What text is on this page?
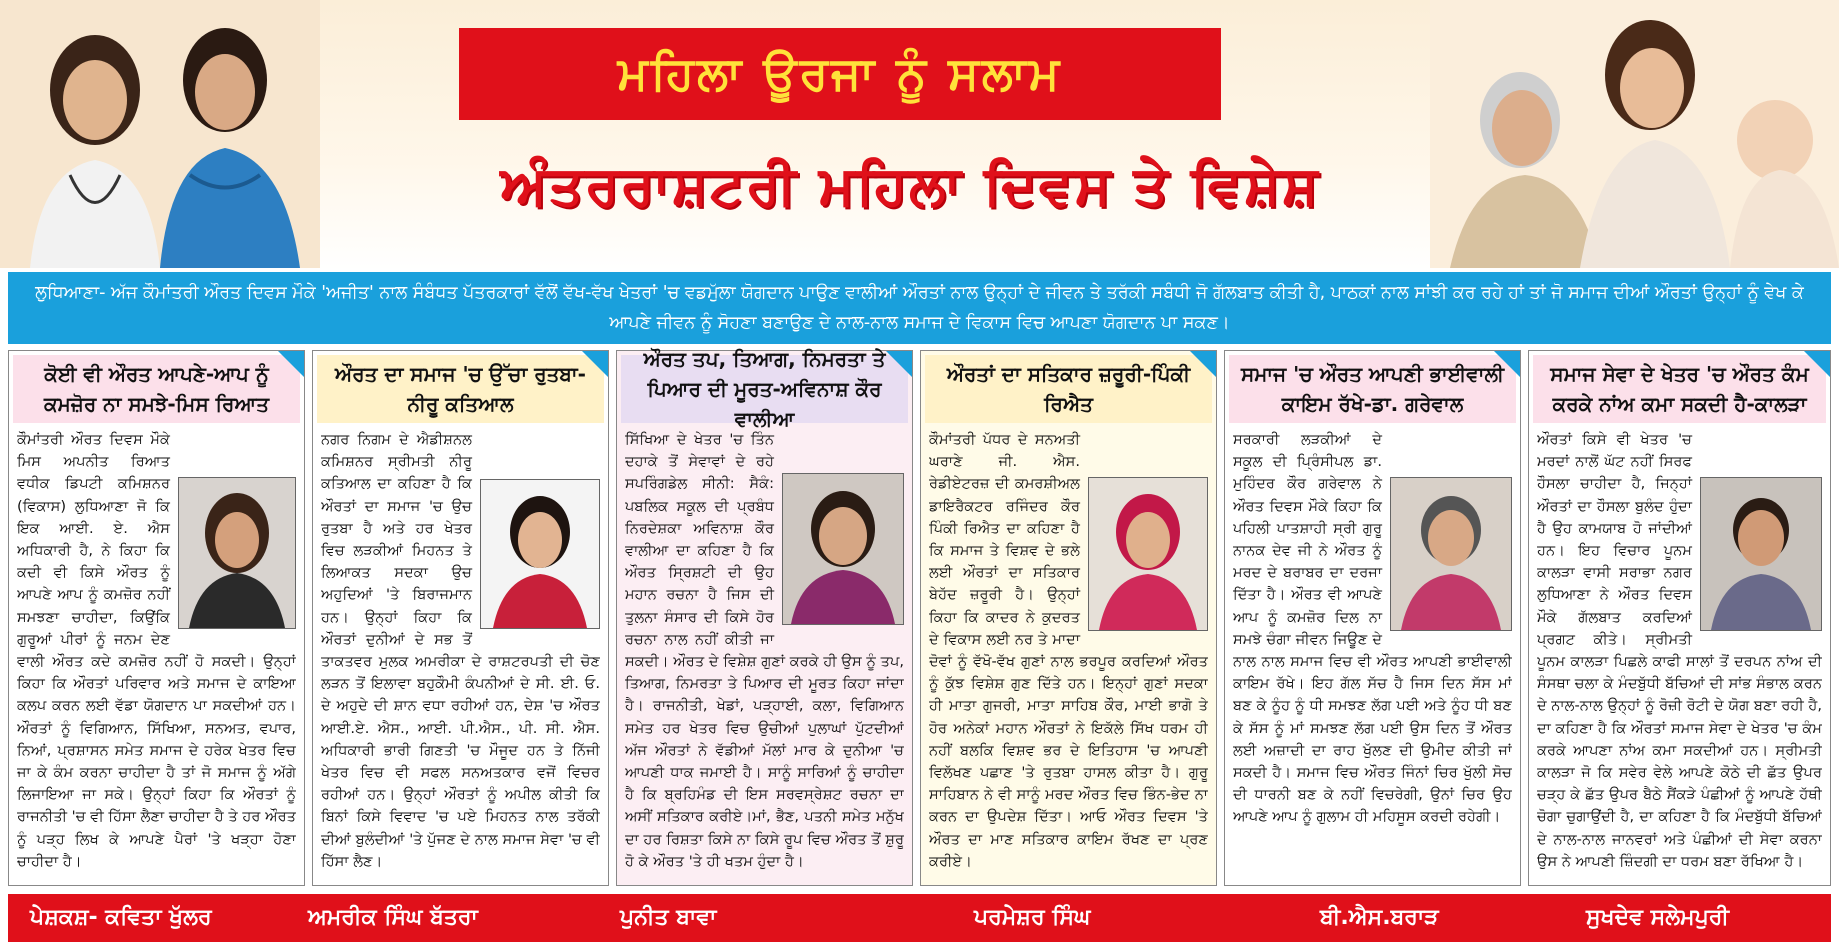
ਮਹਿਲਾ ਊਰਜਾ ਨੂੰ ਸਲਾਮ
ਅੰਤਰਰਾਸ਼ਟਰੀ ਮਹਿਲਾ ਦਿਵਸ ਤੇ ਵਿਸ਼ੇਸ਼
ਲੁਧਿਆਣਾ- ਅੱਜ ਕੌਮਾਂਤਰੀ ਔਰਤ ਦਿਵਸ ਮੌਕੇ 'ਅਜੀਤ' ਨਾਲ ਸੰਬੰਧਤ ਪੱਤਰਕਾਰਾਂ ਵੱਲੋਂ ਵੱਖ-ਵੱਖ ਖੇਤਰਾਂ 'ਚ ਵਡਮੁੱਲਾ ਯੋਗਦਾਨ ਪਾਉਣ ਵਾਲੀਆਂ ਔਰਤਾਂ ਨਾਲ ਉਨ੍ਹਾਂ ਦੇ ਜੀਵਨ ਤੇ ਤਰੱਕੀ ਸਬੰਧੀ ਜੋ ਗੱਲਬਾਤ ਕੀਤੀ ਹੈ, ਪਾਠਕਾਂ ਨਾਲ ਸਾਂਝੀ ਕਰ ਰਹੇ ਹਾਂ ਤਾਂ ਜੋ ਸਮਾਜ ਦੀਆਂ ਔਰਤਾਂ ਉਨ੍ਹਾਂ ਨੂੰ ਵੇਖ ਕੇ ਆਪਣੇ ਜੀਵਨ ਨੂੰ ਸੋਹਣਾ ਬਣਾਉਣ ਦੇ ਨਾਲ-ਨਾਲ ਸਮਾਜ ਦੇ ਵਿਕਾਸ ਵਿਚ ਆਪਣਾ ਯੋਗਦਾਨ ਪਾ ਸਕਣ।
ਕੋਈ ਵੀ ਔਰਤ ਆਪਣੇ-ਆਪ ਨੂੰ ਕਮਜ਼ੋਰ ਨਾ ਸਮਝੇ-ਮਿਸ ਰਿਆਤ
ਕੌਮਾਂਤਰੀ ਔਰਤ ਦਿਵਸ ਮੌਕੇ ਮਿਸ ਅਪਨੀਤ ਰਿਆਤ ਵਧੀਕ ਡਿਪਟੀ ਕਮਿਸ਼ਨਰ (ਵਿਕਾਸ) ਲੁਧਿਆਣਾ ਜੋ ਕਿ ਇਕ ਆਈ. ਏ. ਐਸ ਅਧਿਕਾਰੀ ਹੈ, ਨੇ ਕਿਹਾ ਕਿ ਕਦੀ ਵੀ ਕਿਸੇ ਔਰਤ ਨੂੰ ਆਪਣੇ ਆਪ ਨੂੰ ਕਮਜ਼ੋਰ ਨਹੀਂ ਸਮਝਣਾ ਚਾਹੀਦਾ, ਕਿਉਂਕਿ ਗੁਰੂਆਂ ਪੀਰਾਂ ਨੂੰ ਜਨਮ ਦੇਣ ਵਾਲੀ ਔਰਤ ਕਦੇ ਕਮਜ਼ੋਰ ਨਹੀਂ ਹੋ ਸਕਦੀ। ਉਨ੍ਹਾਂ ਕਿਹਾ ਕਿ ਔਰਤਾਂ ਪਰਿਵਾਰ ਅਤੇ ਸਮਾਜ ਦੇ ਕਾਇਆ ਕਲਪ ਕਰਨ ਲਈ ਵੱਡਾ ਯੋਗਦਾਨ ਪਾ ਸਕਦੀਆਂ ਹਨ। ਔਰਤਾਂ ਨੂੰ ਵਿਗਿਆਨ, ਸਿੱਖਿਆ, ਸਨਅਤ, ਵਪਾਰ, ਨਿਆਂ, ਪ੍ਰਸ਼ਾਸਨ ਸਮੇਤ ਸਮਾਜ ਦੇ ਹਰੇਕ ਖੇਤਰ ਵਿਚ ਜਾ ਕੇ ਕੰਮ ਕਰਨਾ ਚਾਹੀਦਾ ਹੈ ਤਾਂ ਜੋ ਸਮਾਜ ਨੂੰ ਅੱਗੇ ਲਿਜਾਇਆ ਜਾ ਸਕੇ। ਉਨ੍ਹਾਂ ਕਿਹਾ ਕਿ ਔਰਤਾਂ ਨੂੰ ਰਾਜਨੀਤੀ 'ਚ ਵੀ ਹਿੱਸਾ ਲੈਣਾ ਚਾਹੀਦਾ ਹੈ ਤੇ ਹਰ ਔਰਤ ਨੂੰ ਪੜ੍ਹ ਲਿਖ ਕੇ ਆਪਣੇ ਪੈਰਾਂ 'ਤੇ ਖੜ੍ਹਾ ਹੋਣਾ ਚਾਹੀਦਾ ਹੈ।
ਔਰਤ ਦਾ ਸਮਾਜ 'ਚ ਉੱਚਾ ਰੁਤਬਾ-ਨੀਰੂ ਕਤਿਆਲ
ਨਗਰ ਨਿਗਮ ਦੇ ਐਡੀਸ਼ਨਲ ਕਮਿਸ਼ਨਰ ਸ੍ਰੀਮਤੀ ਨੀਰੂ ਕਤਿਆਲ ਦਾ ਕਹਿਣਾ ਹੈ ਕਿ ਔਰਤਾਂ ਦਾ ਸਮਾਜ 'ਚ ਉਚ ਰੁਤਬਾ ਹੈ ਅਤੇ ਹਰ ਖੇਤਰ ਵਿਚ ਲੜਕੀਆਂ ਮਿਹਨਤ ਤੇ ਲਿਆਕਤ ਸਦਕਾ ਉਚ ਅਹੁਦਿਆਂ 'ਤੇ ਬਿਰਾਜਮਾਨ ਹਨ। ਉਨ੍ਹਾਂ ਕਿਹਾ ਕਿ ਔਰਤਾਂ ਦੁਨੀਆਂ ਦੇ ਸਭ ਤੋਂ ਤਾਕਤਵਰ ਮੁਲਕ ਅਮਰੀਕਾ ਦੇ ਰਾਸ਼ਟਰਪਤੀ ਦੀ ਚੋਣ ਲੜਨ ਤੋਂ ਇਲਾਵਾ ਬਹੁਕੌਮੀ ਕੰਪਨੀਆਂ ਦੇ ਸੀ. ਈ. ਓ. ਦੇ ਅਹੁਦੇ ਦੀ ਸ਼ਾਨ ਵਧਾ ਰਹੀਆਂ ਹਨ, ਦੇਸ਼ 'ਚ ਔਰਤ ਆਈ.ਏ. ਐਸ., ਆਈ. ਪੀ.ਐਸ., ਪੀ. ਸੀ. ਐਸ. ਅਧਿਕਾਰੀ ਭਾਰੀ ਗਿਣਤੀ 'ਚ ਮੌਜੂਦ ਹਨ ਤੇ ਨਿੱਜੀ ਖੇਤਰ ਵਿਚ ਵੀ ਸਫਲ ਸਨਅਤਕਾਰ ਵਜੋਂ ਵਿਚਰ ਰਹੀਆਂ ਹਨ। ਉਨ੍ਹਾਂ ਔਰਤਾਂ ਨੂੰ ਅਪੀਲ ਕੀਤੀ ਕਿ ਬਿਨਾਂ ਕਿਸੇ ਵਿਵਾਦ 'ਚ ਪਏ ਮਿਹਨਤ ਨਾਲ ਤਰੱਕੀ ਦੀਆਂ ਬੁਲੰਦੀਆਂ 'ਤੇ ਪੁੱਜਣ ਦੇ ਨਾਲ ਸਮਾਜ ਸੇਵਾ 'ਚ ਵੀ ਹਿੱਸਾ ਲੈਣ।
ਔਰਤ ਤਪ, ਤਿਆਗ, ਨਿਮਰਤਾ ਤੇ ਪਿਆਰ ਦੀ ਮੂਰਤ-ਅਵਿਨਾਸ਼ ਕੌਰ ਵਾਲੀਆ
ਸਿੱਖਿਆ ਦੇ ਖੇਤਰ 'ਚ ਤਿੰਨ ਦਹਾਕੇ ਤੋਂ ਸੇਵਾਵਾਂ ਦੇ ਰਹੇ ਸਪਰਿੰਗਡੇਲ ਸੀਨੀ: ਸੈਕੰ: ਪਬਲਿਕ ਸਕੂਲ ਦੀ ਪ੍ਰਬੰਧ ਨਿਰਦੇਸ਼ਕਾ ਅਵਿਨਾਸ਼ ਕੌਰ ਵਾਲੀਆ ਦਾ ਕਹਿਣਾ ਹੈ ਕਿ ਔਰਤ ਸ੍ਰਿਸ਼ਟੀ ਦੀ ਉਹ ਮਹਾਨ ਰਚਨਾ ਹੈ ਜਿਸ ਦੀ ਤੁਲਨਾ ਸੰਸਾਰ ਦੀ ਕਿਸੇ ਹੋਰ ਰਚਨਾ ਨਾਲ ਨਹੀਂ ਕੀਤੀ ਜਾ ਸਕਦੀ। ਔਰਤ ਦੇ ਵਿਸ਼ੇਸ਼ ਗੁਣਾਂ ਕਰਕੇ ਹੀ ਉਸ ਨੂੰ ਤਪ, ਤਿਆਗ, ਨਿਮਰਤਾ ਤੇ ਪਿਆਰ ਦੀ ਮੂਰਤ ਕਿਹਾ ਜਾਂਦਾ ਹੈ। ਰਾਜਨੀਤੀ, ਖੇਡਾਂ, ਪੜ੍ਹਾਈ, ਕਲਾ, ਵਿਗਿਆਨ ਸਮੇਤ ਹਰ ਖੇਤਰ ਵਿਚ ਉਚੀਆਂ ਪੁਲਾਘਾਂ ਪੁੱਟਦੀਆਂ ਅੱਜ ਔਰਤਾਂ ਨੇ ਵੱਡੀਆਂ ਮੱਲਾਂ ਮਾਰ ਕੇ ਦੁਨੀਆ 'ਚ ਆਪਣੀ ਧਾਕ ਜਮਾਈ ਹੈ। ਸਾਨੂੰ ਸਾਰਿਆਂ ਨੂੰ ਚਾਹੀਦਾ ਹੈ ਕਿ ਬ੍ਰਹਿਮੰਡ ਦੀ ਇਸ ਸਰਵਸ੍ਰੇਸ਼ਟ ਰਚਨਾ ਦਾ ਅਸੀਂ ਸਤਿਕਾਰ ਕਰੀਏ।ਮਾਂ, ਭੈਣ, ਪਤਨੀ ਸਮੇਤ ਮਨੁੱਖ ਦਾ ਹਰ ਰਿਸ਼ਤਾ ਕਿਸੇ ਨਾ ਕਿਸੇ ਰੂਪ ਵਿਚ ਔਰਤ ਤੋਂ ਸ਼ੁਰੂ ਹੋ ਕੇ ਔਰਤ 'ਤੇ ਹੀ ਖਤਮ ਹੁੰਦਾ ਹੈ।
ਔਰਤਾਂ ਦਾ ਸਤਿਕਾਰ ਜ਼ਰੂਰੀ-ਪਿੰਕੀ ਰਿਐਤ
ਕੌਮਾਂਤਰੀ ਪੱਧਰ ਦੇ ਸਨਅਤੀ ਘਰਾਣੇ ਜੀ. ਐਸ. ਰੇਡੀਏਟਰਜ਼ ਦੀ ਕਮਰਸ਼ੀਅਲ ਡਾਇਰੈਕਟਰ ਰਜਿੰਦਰ ਕੌਰ ਪਿੰਕੀ ਰਿਐਤ ਦਾ ਕਹਿਣਾ ਹੈ ਕਿ ਸਮਾਜ ਤੇ ਵਿਸ਼ਵ ਦੇ ਭਲੇ ਲਈ ਔਰਤਾਂ ਦਾ ਸਤਿਕਾਰ ਬੇਹੱਦ ਜ਼ਰੂਰੀ ਹੈ। ਉਨ੍ਹਾਂ ਕਿਹਾ ਕਿ ਕਾਦਰ ਨੇ ਕੁਦਰਤ ਦੇ ਵਿਕਾਸ ਲਈ ਨਰ ਤੇ ਮਾਦਾ ਦੋਵਾਂ ਨੂੰ ਵੱਖੋ-ਵੱਖ ਗੁਣਾਂ ਨਾਲ ਭਰਪੂਰ ਕਰਦਿਆਂ ਔਰਤ ਨੂੰ ਕੁੱਝ ਵਿਸ਼ੇਸ਼ ਗੁਣ ਦਿੱਤੇ ਹਨ। ਇਨ੍ਹਾਂ ਗੁਣਾਂ ਸਦਕਾ ਹੀ ਮਾਤਾ ਗੁਜਰੀ, ਮਾਤਾ ਸਾਹਿਬ ਕੌਰ, ਮਾਈ ਭਾਗੋ ਤੇ ਹੋਰ ਅਨੇਕਾਂ ਮਹਾਨ ਔਰਤਾਂ ਨੇ ਇਕੱਲੇ ਸਿੱਖ ਧਰਮ ਹੀ ਨਹੀਂ ਬਲਕਿ ਵਿਸ਼ਵ ਭਰ ਦੇ ਇਤਿਹਾਸ 'ਚ ਆਪਣੀ ਵਿਲੱਖਣ ਪਛਾਣ 'ਤੇ ਰੁਤਬਾ ਹਾਸਲ ਕੀਤਾ ਹੈ। ਗੁਰੂ ਸਾਹਿਬਾਨ ਨੇ ਵੀ ਸਾਨੂੰ ਮਰਦ ਔਰਤ ਵਿਚ ਭਿੰਨ-ਭੇਦ ਨਾ ਕਰਨ ਦਾ ਉਪਦੇਸ਼ ਦਿੱਤਾ। ਆਓ ਔਰਤ ਦਿਵਸ 'ਤੇ ਔਰਤ ਦਾ ਮਾਣ ਸਤਿਕਾਰ ਕਾਇਮ ਰੱਖਣ ਦਾ ਪ੍ਰਣ ਕਰੀਏ।
ਸਮਾਜ 'ਚ ਔਰਤ ਆਪਣੀ ਭਾਈਵਾਲੀ ਕਾਇਮ ਰੱਖੇ-ਡਾ. ਗਰੇਵਾਲ
ਸਰਕਾਰੀ ਲੜਕੀਆਂ ਦੇ ਸਕੂਲ ਦੀ ਪ੍ਰਿੰਸੀਪਲ ਡਾ. ਮੁਹਿੰਦਰ ਕੌਰ ਗਰੇਵਾਲ ਨੇ ਔਰਤ ਦਿਵਸ ਮੌਕੇ ਕਿਹਾ ਕਿ ਪਹਿਲੀ ਪਾਤਸ਼ਾਹੀ ਸ੍ਰੀ ਗੁਰੂ ਨਾਨਕ ਦੇਵ ਜੀ ਨੇ ਔਰਤ ਨੂੰ ਮਰਦ ਦੇ ਬਰਾਬਰ ਦਾ ਦਰਜਾ ਦਿੱਤਾ ਹੈ। ਔਰਤ ਵੀ ਆਪਣੇ ਆਪ ਨੂੰ ਕਮਜ਼ੋਰ ਦਿਲ ਨਾ ਸਮਝੇ ਚੰਗਾ ਜੀਵਨ ਜਿਊਣ ਦੇ ਨਾਲ ਨਾਲ ਸਮਾਜ ਵਿਚ ਵੀ ਔਰਤ ਆਪਣੀ ਭਾਈਵਾਲੀ ਕਾਇਮ ਰੱਖੇ। ਇਹ ਗੱਲ ਸੱਚ ਹੈ ਜਿਸ ਦਿਨ ਸੱਸ ਮਾਂ ਬਣ ਕੇ ਨੂੰਹ ਨੂੰ ਧੀ ਸਮਝਣ ਲੱਗ ਪਈ ਅਤੇ ਨੂੰਹ ਧੀ ਬਣ ਕੇ ਸੱਸ ਨੂੰ ਮਾਂ ਸਮਝਣ ਲੱਗ ਪਈ ਉਸ ਦਿਨ ਤੋਂ ਔਰਤ ਲਈ ਅਜ਼ਾਦੀ ਦਾ ਰਾਹ ਖੁੱਲਣ ਦੀ ਉਮੀਦ ਕੀਤੀ ਜਾਂ ਸਕਦੀ ਹੈ। ਸਮਾਜ ਵਿਚ ਔਰਤ ਜਿੰਨਾਂ ਚਿਰ ਖੁੱਲੀ ਸੋਚ ਦੀ ਧਾਰਨੀ ਬਣ ਕੇ ਨਹੀਂ ਵਿਚਰੇਗੀ, ਉਨਾਂ ਚਿਰ ਉਹ ਆਪਣੇ ਆਪ ਨੂੰ ਗੁਲਾਮ ਹੀ ਮਹਿਸੂਸ ਕਰਦੀ ਰਹੇਗੀ।
ਸਮਾਜ ਸੇਵਾ ਦੇ ਖੇਤਰ 'ਚ ਔਰਤ ਕੰਮ ਕਰਕੇ ਨਾਂਅ ਕਮਾ ਸਕਦੀ ਹੈ-ਕਾਲੜਾ
ਔਰਤਾਂ ਕਿਸੇ ਵੀ ਖੇਤਰ 'ਚ ਮਰਦਾਂ ਨਾਲੋਂ ਘੱਟ ਨਹੀਂ ਸਿਰਫ ਹੌਸਲਾ ਚਾਹੀਦਾ ਹੈ, ਜਿਨ੍ਹਾਂ ਔਰਤਾਂ ਦਾ ਹੌਸਲਾ ਬੁਲੰਦ ਹੁੰਦਾ ਹੈ ਉਹ ਕਾਮਯਾਬ ਹੋ ਜਾਂਦੀਆਂ ਹਨ। ਇਹ ਵਿਚਾਰ ਪੂਨਮ ਕਾਲੜਾ ਵਾਸੀ ਸਰਾਭਾ ਨਗਰ ਲੁਧਿਆਣਾ ਨੇ ਔਰਤ ਦਿਵਸ ਮੌਕੇ ਗੱਲਬਾਤ ਕਰਦਿਆਂ ਪ੍ਰਗਟ ਕੀਤੇ। ਸ੍ਰੀਮਤੀ ਪੂਨਮ ਕਾਲੜਾ ਪਿਛਲੇ ਕਾਫੀ ਸਾਲਾਂ ਤੋਂ ਦਰਪਨ ਨਾਂਅ ਦੀ ਸੰਸਥਾ ਚਲਾ ਕੇ ਮੰਦਬੁੱਧੀ ਬੱਚਿਆਂ ਦੀ ਸਾਂਭ ਸੰਭਾਲ ਕਰਨ ਦੇ ਨਾਲ-ਨਾਲ ਉਨ੍ਹਾਂ ਨੂੰ ਰੋਜ਼ੀ ਰੋਟੀ ਦੇ ਯੋਗ ਬਣਾ ਰਹੀ ਹੈ, ਦਾ ਕਹਿਣਾ ਹੈ ਕਿ ਔਰਤਾਂ ਸਮਾਜ ਸੇਵਾ ਦੇ ਖੇਤਰ 'ਚ ਕੰਮ ਕਰਕੇ ਆਪਣਾ ਨਾਂਅ ਕਮਾ ਸਕਦੀਆਂ ਹਨ। ਸ੍ਰੀਮਤੀ ਕਾਲੜਾ ਜੋ ਕਿ ਸਵੇਰ ਵੇਲੇ ਆਪਣੇ ਕੋਠੇ ਦੀ ਛੱਤ ਉਪਰ ਚੜ੍ਹ ਕੇ ਛੱਤ ਉਪਰ ਬੈਠੇ ਸੈਂਕੜੇ ਪੰਛੀਆਂ ਨੂੰ ਆਪਣੇ ਹੱਥੀ ਚੋਗਾ ਚੁਗਾਉਂਦੀ ਹੈ, ਦਾ ਕਹਿਣਾ ਹੈ ਕਿ ਮੰਦਬੁੱਧੀ ਬੱਚਿਆਂ ਦੇ ਨਾਲ-ਨਾਲ ਜਾਨਵਰਾਂ ਅਤੇ ਪੰਛੀਆਂ ਦੀ ਸੇਵਾ ਕਰਨਾ ਉਸ ਨੇ ਆਪਣੀ ਜ਼ਿੰਦਗੀ ਦਾ ਧਰਮ ਬਣਾ ਰੱਖਿਆ ਹੈ।
ਪੇਸ਼ਕਸ਼- ਕਵਿਤਾ ਖੁੱਲਰ	ਅਮਰੀਕ ਸਿੰਘ ਬੱਤਰਾ	ਪੁਨੀਤ ਬਾਵਾ	ਪਰਮੇਸ਼ਰ ਸਿੰਘ	ਬੀ.ਐਸ.ਬਰਾੜ	ਸੁਖਦੇਵ ਸਲੇਮਪੁਰੀ
